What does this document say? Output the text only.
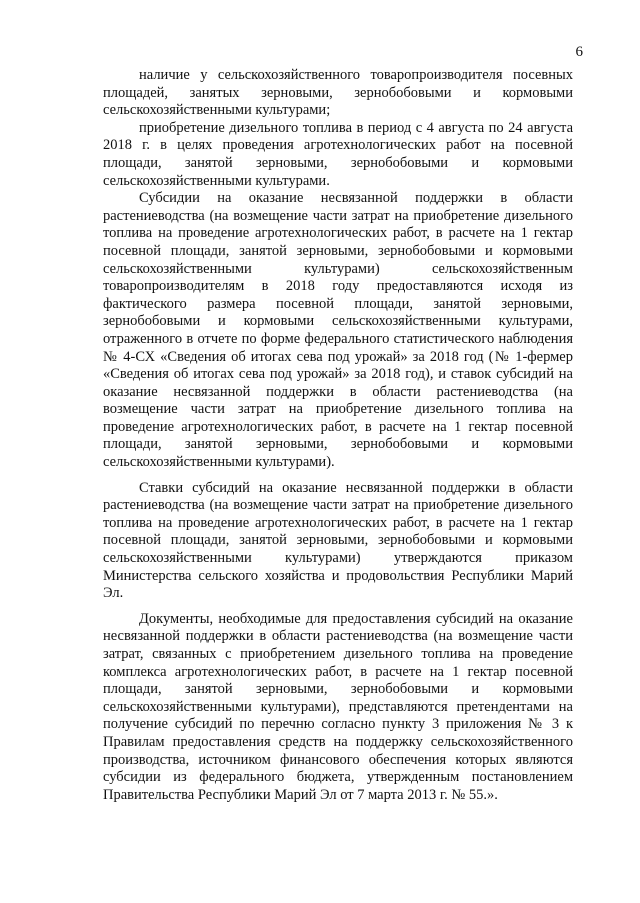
6

наличие у сельскохозяйственного товаропроизводителя посевных площадей, занятых зерновыми, зернобобовыми и кормовыми сельскохозяйственными культурами;

приобретение дизельного топлива в период с 4 августа по 24 августа 2018 г. в целях проведения агротехнологических работ на посевной площади, занятой зерновыми, зернобобовыми и кормовыми сельскохозяйственными культурами.

Субсидии на оказание несвязанной поддержки в области растениеводства (на возмещение части затрат на приобретение дизельного топлива на проведение агротехнологических работ, в расчете на 1 гектар посевной площади, занятой зерновыми, зернобобовыми и кормовыми сельскохозяйственными культурами) сельскохозяйственным товаропроизводителям в 2018 году предоставляются исходя из фактического размера посевной площади, занятой зерновыми, зернобобовыми и кормовыми сельскохозяйственными культурами, отраженного в отчете по форме федерального статистического наблюдения № 4-СХ «Сведения об итогах сева под урожай» за 2018 год (№ 1-фермер «Сведения об итогах сева под урожай» за 2018 год), и ставок субсидий на оказание несвязанной поддержки в области растениеводства (на возмещение части затрат на приобретение дизельного топлива на проведение агротехнологических работ, в расчете на 1 гектар посевной площади, занятой зерновыми, зернобобовыми и кормовыми сельскохозяйственными культурами).

Ставки субсидий на оказание несвязанной поддержки в области растениеводства (на возмещение части затрат на приобретение дизельного топлива на проведение агротехнологических работ, в расчете на 1 гектар посевной площади, занятой зерновыми, зернобобовыми и кормовыми сельскохозяйственными культурами) утверждаются приказом Министерства сельского хозяйства и продовольствия Республики Марий Эл.

Документы, необходимые для предоставления субсидий на оказание несвязанной поддержки в области растениеводства (на возмещение части затрат, связанных с приобретением дизельного топлива на проведение комплекса агротехнологических работ, в расчете на 1 гектар посевной площади, занятой зерновыми, зернобобовыми и кормовыми сельскохозяйственными культурами), представляются претендентами на получение субсидий по перечню согласно пункту 3 приложения № 3 к Правилам предоставления средств на поддержку сельскохозяйственного производства, источником финансового обеспечения которых являются субсидии из федерального бюджета, утвержденным постановлением Правительства Республики Марий Эл от 7 марта 2013 г. № 55.».
